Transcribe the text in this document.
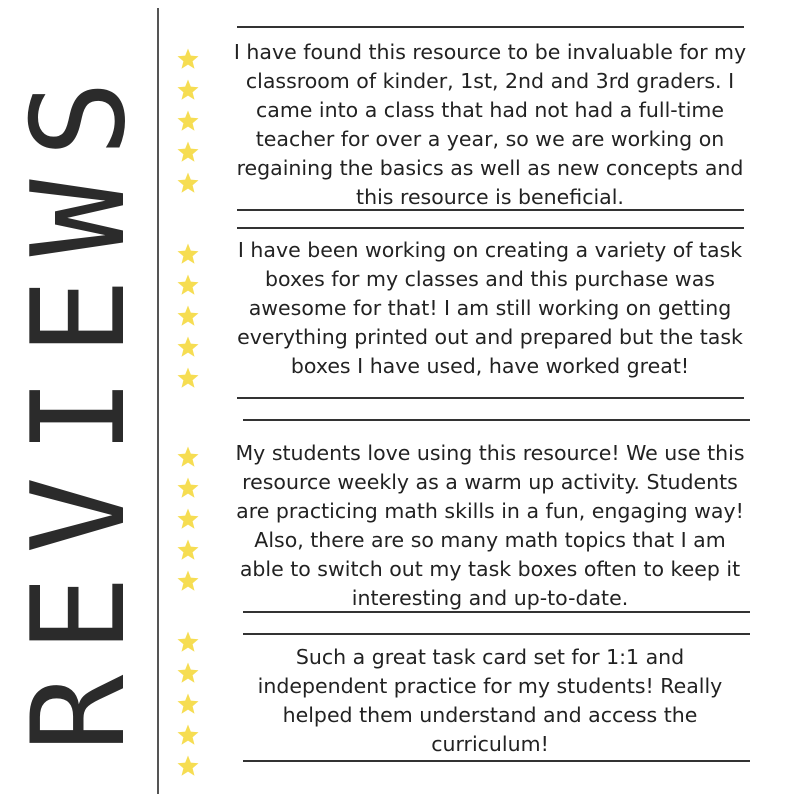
REVIEWS
I have found this resource to be invaluable for my classroom of kinder, 1st, 2nd and 3rd graders. I came into a class that had not had a full-time teacher for over a year, so we are working on regaining the basics as well as new concepts and this resource is beneficial.
I have been working on creating a variety of task boxes for my classes and this purchase was awesome for that! I am still working on getting everything printed out and prepared but the task boxes I have used, have worked great!
My students love using this resource! We use this resource weekly as a warm up activity. Students are practicing math skills in a fun, engaging way! Also, there are so many math topics that I am able to switch out my task boxes often to keep it interesting and up-to-date.
Such a great task card set for 1:1 and independent practice for my students! Really helped them understand and access the curriculum!
